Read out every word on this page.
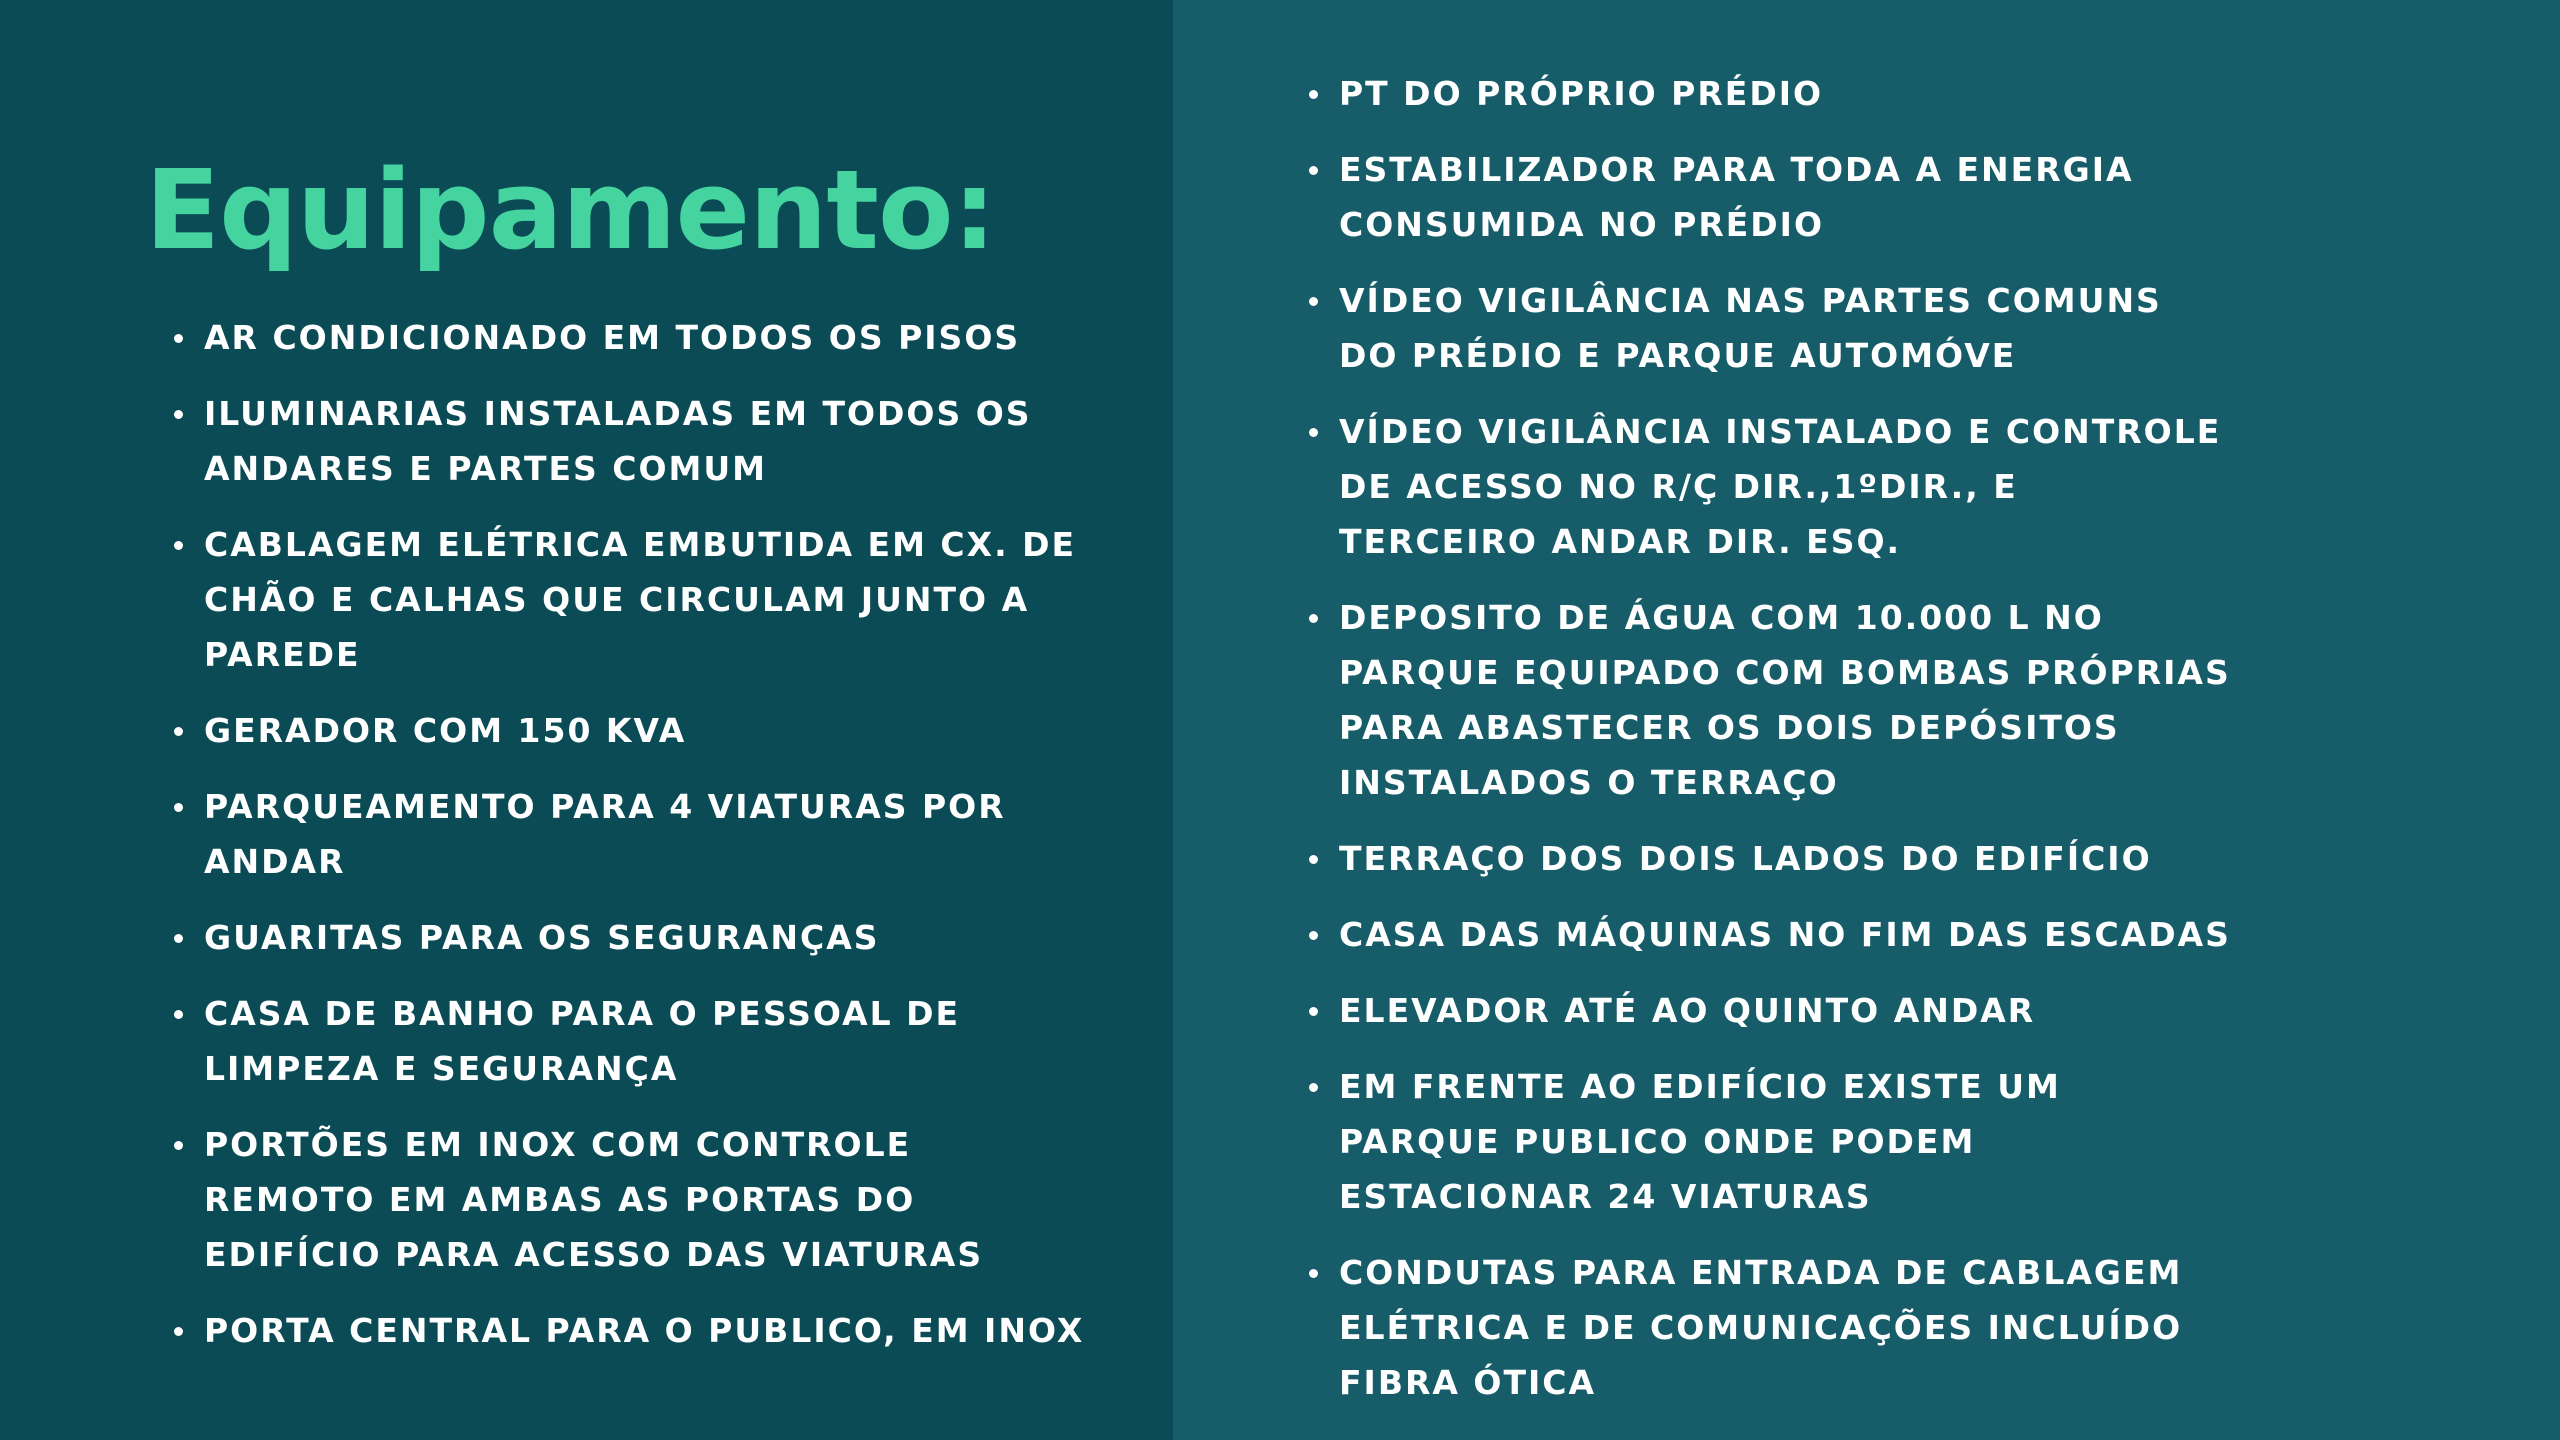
Equipamento:
AR CONDICIONADO EM TODOS OS PISOS
ILUMINARIAS INSTALADAS EM TODOS OS
ANDARES E PARTES COMUM
CABLAGEM ELÉTRICA EMBUTIDA EM CX. DE
CHÃO E CALHAS QUE CIRCULAM JUNTO A
PAREDE
GERADOR COM 150 KVA
PARQUEAMENTO PARA 4 VIATURAS POR
ANDAR
GUARITAS PARA OS SEGURANÇAS
CASA DE BANHO PARA O PESSOAL DE
LIMPEZA E SEGURANÇA
PORTÕES EM INOX COM CONTROLE
REMOTO EM AMBAS AS PORTAS DO
EDIFÍCIO PARA ACESSO DAS VIATURAS
PORTA CENTRAL PARA O PUBLICO, EM INOX
PT DO PRÓPRIO PRÉDIO
ESTABILIZADOR PARA TODA A ENERGIA
CONSUMIDA NO PRÉDIO
VÍDEO VIGILÂNCIA NAS PARTES COMUNS
DO PRÉDIO E PARQUE AUTOMÓVE
VÍDEO VIGILÂNCIA INSTALADO E CONTROLE
DE ACESSO NO R/Ç DIR.,1ºDIR., E
TERCEIRO ANDAR DIR. ESQ.
DEPOSITO DE ÁGUA COM 10.000 L NO
PARQUE EQUIPADO COM BOMBAS PRÓPRIAS
PARA ABASTECER OS DOIS DEPÓSITOS
INSTALADOS O TERRAÇO
TERRAÇO DOS DOIS LADOS DO EDIFÍCIO
CASA DAS MÁQUINAS NO FIM DAS ESCADAS
ELEVADOR ATÉ AO QUINTO ANDAR
EM FRENTE AO EDIFÍCIO EXISTE UM
PARQUE PUBLICO ONDE PODEM
ESTACIONAR 24 VIATURAS
CONDUTAS PARA ENTRADA DE CABLAGEM
ELÉTRICA E DE COMUNICAÇÕES INCLUÍDO
FIBRA ÓTICA
